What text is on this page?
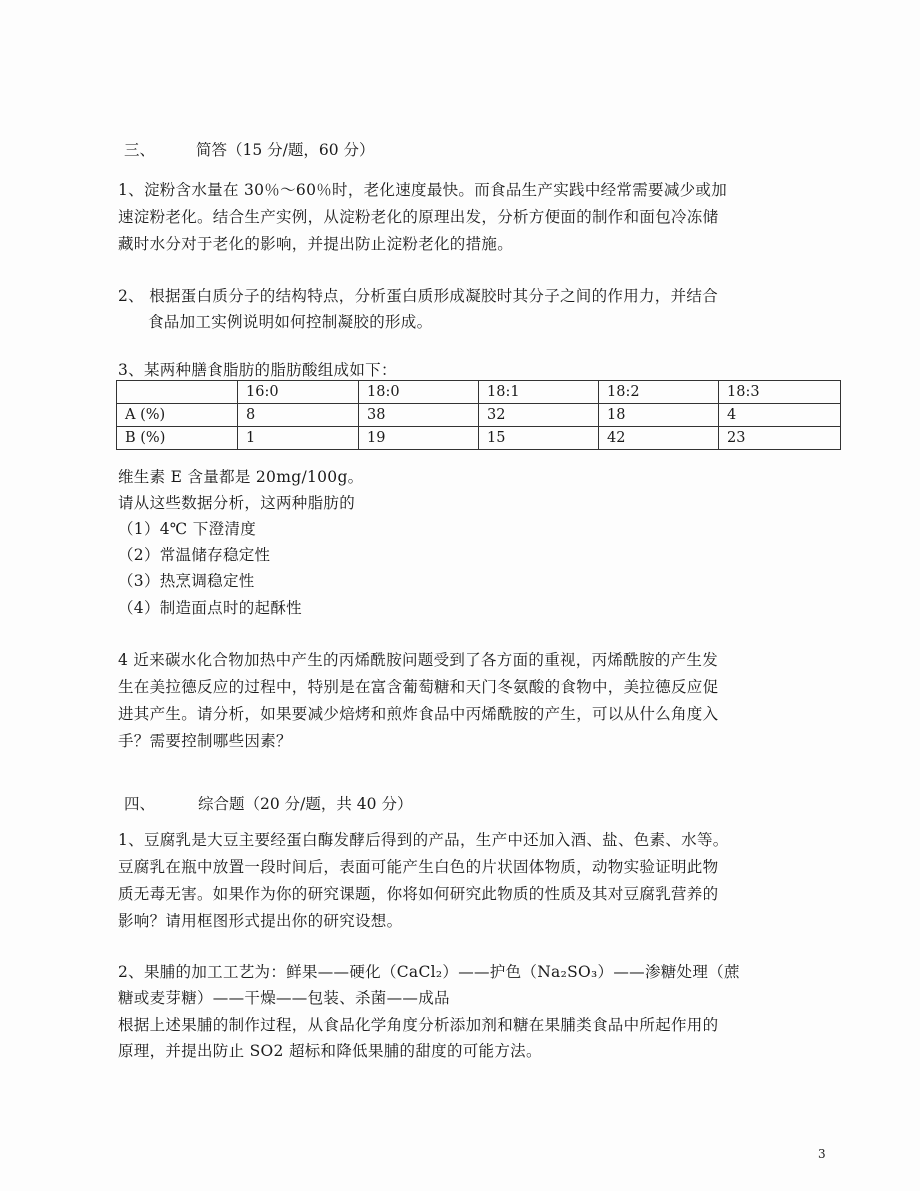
三、	简答（15 分/题，60 分）
1、淀粉含水量在 30％～60％时，老化速度最快。而食品生产实践中经常需要减少或加
速淀粉老化。结合生产实例，从淀粉老化的原理出发，分析方便面的制作和面包冷冻储
藏时水分对于老化的影响，并提出防止淀粉老化的措施。
2、 根据蛋白质分子的结构特点，分析蛋白质形成凝胶时其分子之间的作用力，并结合
食品加工实例说明如何控制凝胶的形成。
3、某两种膳食脂肪的脂肪酸组成如下：
	16:0	18:0	18:1	18:2	18:3
A (%)	8	38	32	18	4
B (%)	1	19	15	42	23
维生素 E 含量都是 20mg/100g。
请从这些数据分析，这两种脂肪的
（1）4℃ 下澄清度
（2）常温储存稳定性
（3）热烹调稳定性
（4）制造面点时的起酥性
4 近来碳水化合物加热中产生的丙烯酰胺问题受到了各方面的重视，丙烯酰胺的产生发
生在美拉德反应的过程中，特别是在富含葡萄糖和天门冬氨酸的食物中，美拉德反应促
进其产生。请分析，如果要减少焙烤和煎炸食品中丙烯酰胺的产生，可以从什么角度入
手？需要控制哪些因素？
四、	综合题（20 分/题，共 40 分）
1、豆腐乳是大豆主要经蛋白酶发酵后得到的产品，生产中还加入酒、盐、色素、水等。
豆腐乳在瓶中放置一段时间后，表面可能产生白色的片状固体物质，动物实验证明此物
质无毒无害。如果作为你的研究课题，你将如何研究此物质的性质及其对豆腐乳营养的
影响？请用框图形式提出你的研究设想。
2、果脯的加工工艺为：鲜果——硬化（CaCl₂）——护色（Na₂SO₃）——渗糖处理（蔗
糖或麦芽糖）——干燥——包装、杀菌——成品
根据上述果脯的制作过程，从食品化学角度分析添加剂和糖在果脯类食品中所起作用的
原理，并提出防止 SO2 超标和降低果脯的甜度的可能方法。
3
